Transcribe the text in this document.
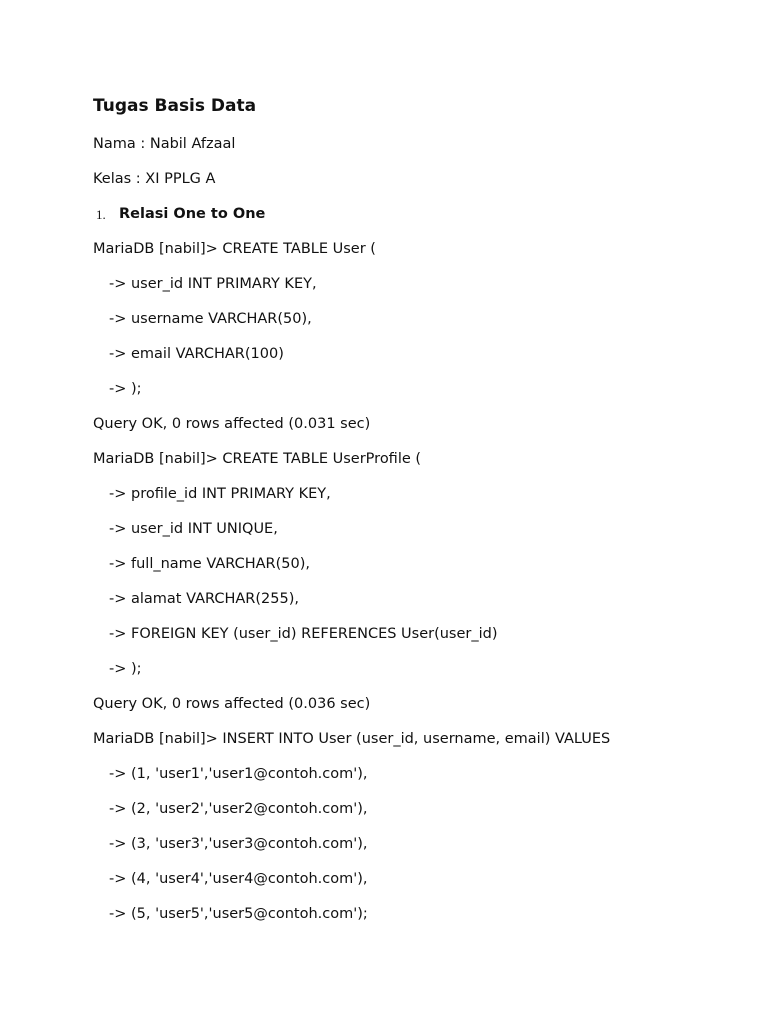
Tugas Basis Data
Nama : Nabil Afzaal
Kelas : XI PPLG A
1. Relasi One to One
MariaDB [nabil]> CREATE TABLE User (
-> user_id INT PRIMARY KEY,
-> username VARCHAR(50),
-> email VARCHAR(100)
-> );
Query OK, 0 rows affected (0.031 sec)
MariaDB [nabil]> CREATE TABLE UserProfile (
-> profile_id INT PRIMARY KEY,
-> user_id INT UNIQUE,
-> full_name VARCHAR(50),
-> alamat VARCHAR(255),
-> FOREIGN KEY (user_id) REFERENCES User(user_id)
-> );
Query OK, 0 rows affected (0.036 sec)
MariaDB [nabil]> INSERT INTO User (user_id, username, email) VALUES
-> (1, 'user1','user1@contoh.com'),
-> (2, 'user2','user2@contoh.com'),
-> (3, 'user3','user3@contoh.com'),
-> (4, 'user4','user4@contoh.com'),
-> (5, 'user5','user5@contoh.com');
